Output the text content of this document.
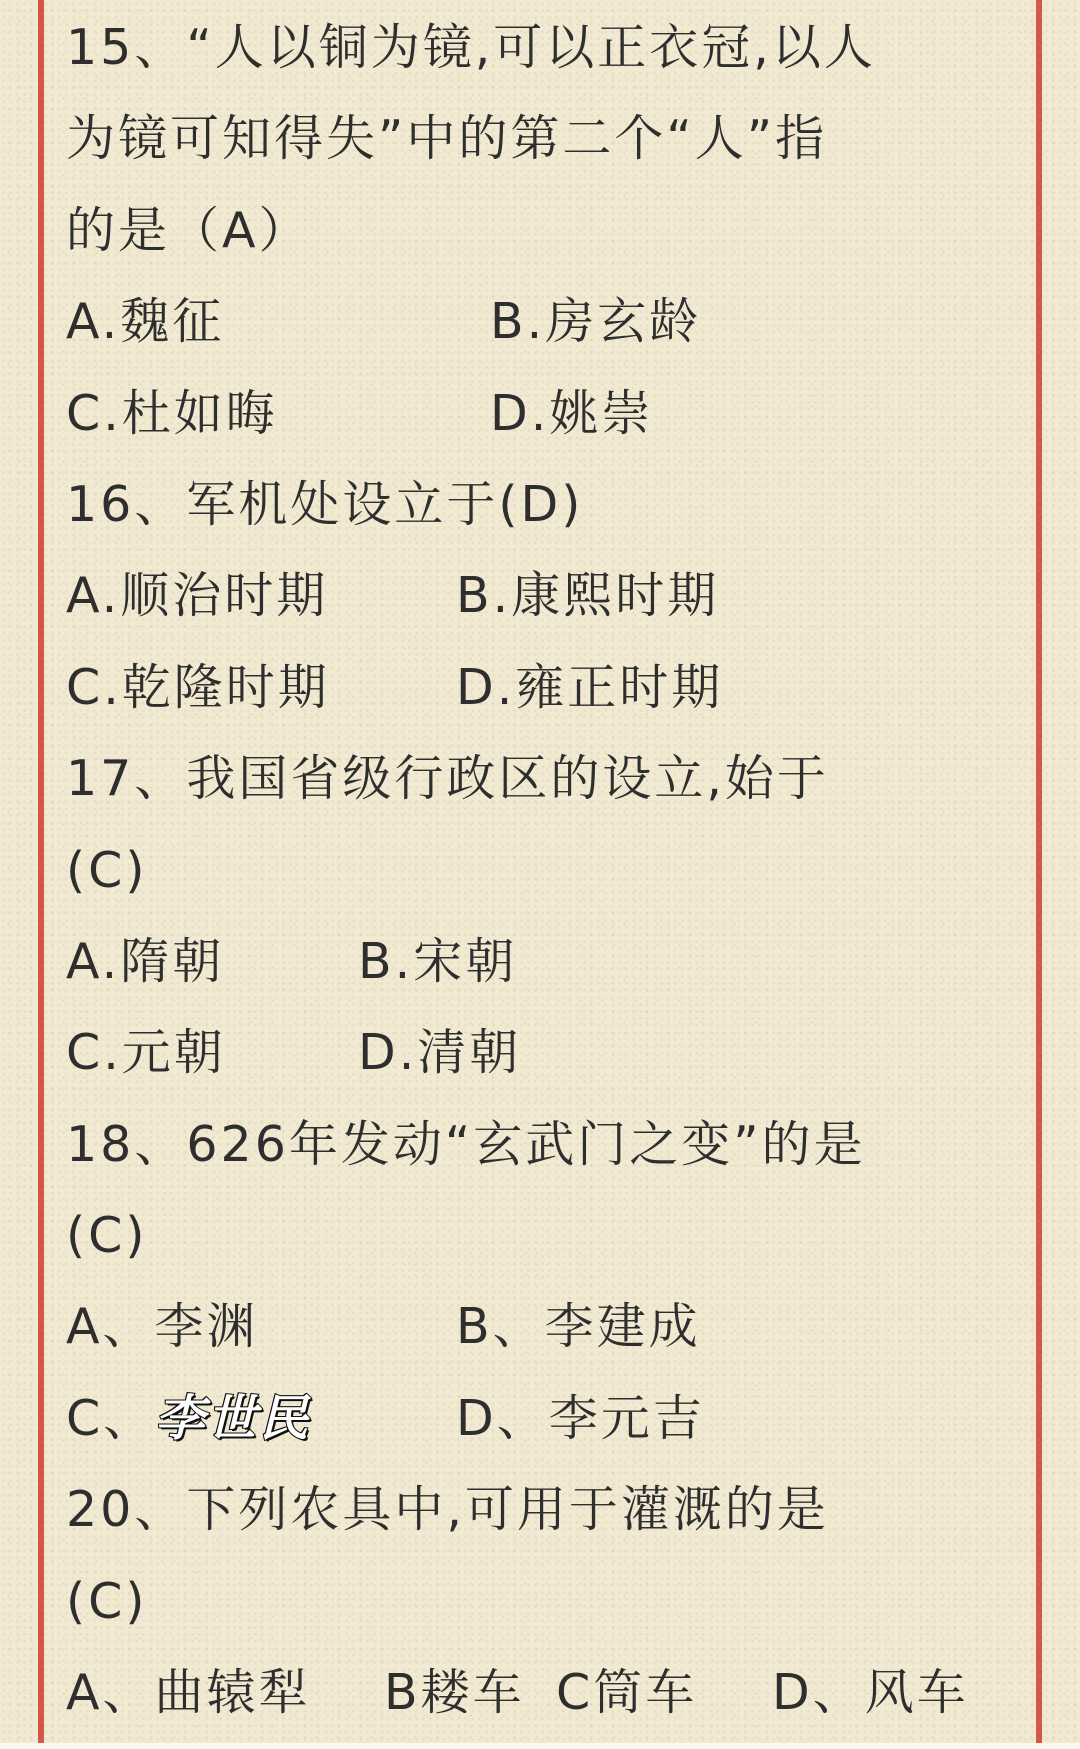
15、“人以铜为镜,可以正衣冠,以人
为镜可知得失”中的第二个“人”指
的是（A）
A.魏征	B.房玄龄
C.杜如晦	D.姚崇
16、军机处设立于(D)
A.顺治时期	B.康熙时期
C.乾隆时期	D.雍正时期
17、我国省级行政区的设立,始于
(C)
A.隋朝	B.宋朝
C.元朝	D.清朝
18、626年发动“玄武门之变”的是
(C)
A、李渊	B、李建成
C、李世民	D、李元吉
20、下列农具中,可用于灌溉的是
(C)
A、曲辕犁 B耧车 C筒车 D、风车
